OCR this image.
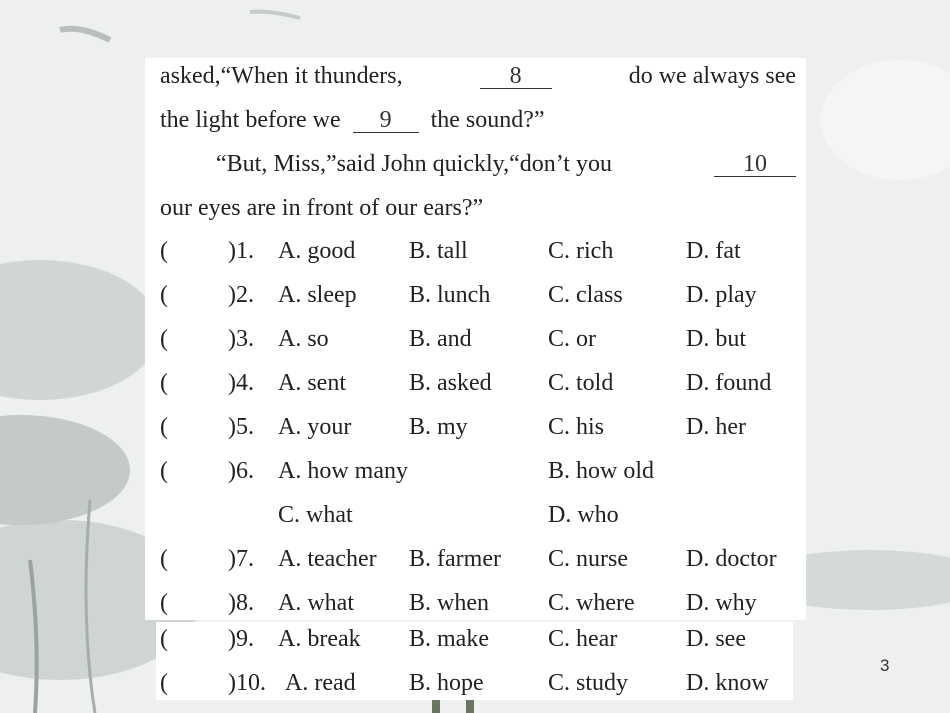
asked,“When it thunders,	8	do we always see
the light before we	9	the sound?”
“But, Miss,”said John quickly,“don’t you	10
our eyes are in front of our ears?”
(	)1. A. good B. tall	C. rich	D. fat
(	)2. A. sleep B. lunch C. class	D. play
(	)3. A. so	B. and	C. or	D. but
(	)4. A. sent	B. asked C. told	D. found
(	)5. A. your B. my	C. his	D. her
(	)6. A. how many	B. how old
C. what	D. who
(	)7. A. teacher B. farmer C. nurse D. doctor
(	)8. A. what B. when C. where D. why
(	)9. A. break B. make C. hear	D. see
(	)10. A. read B. hope	C. study D. know
3
